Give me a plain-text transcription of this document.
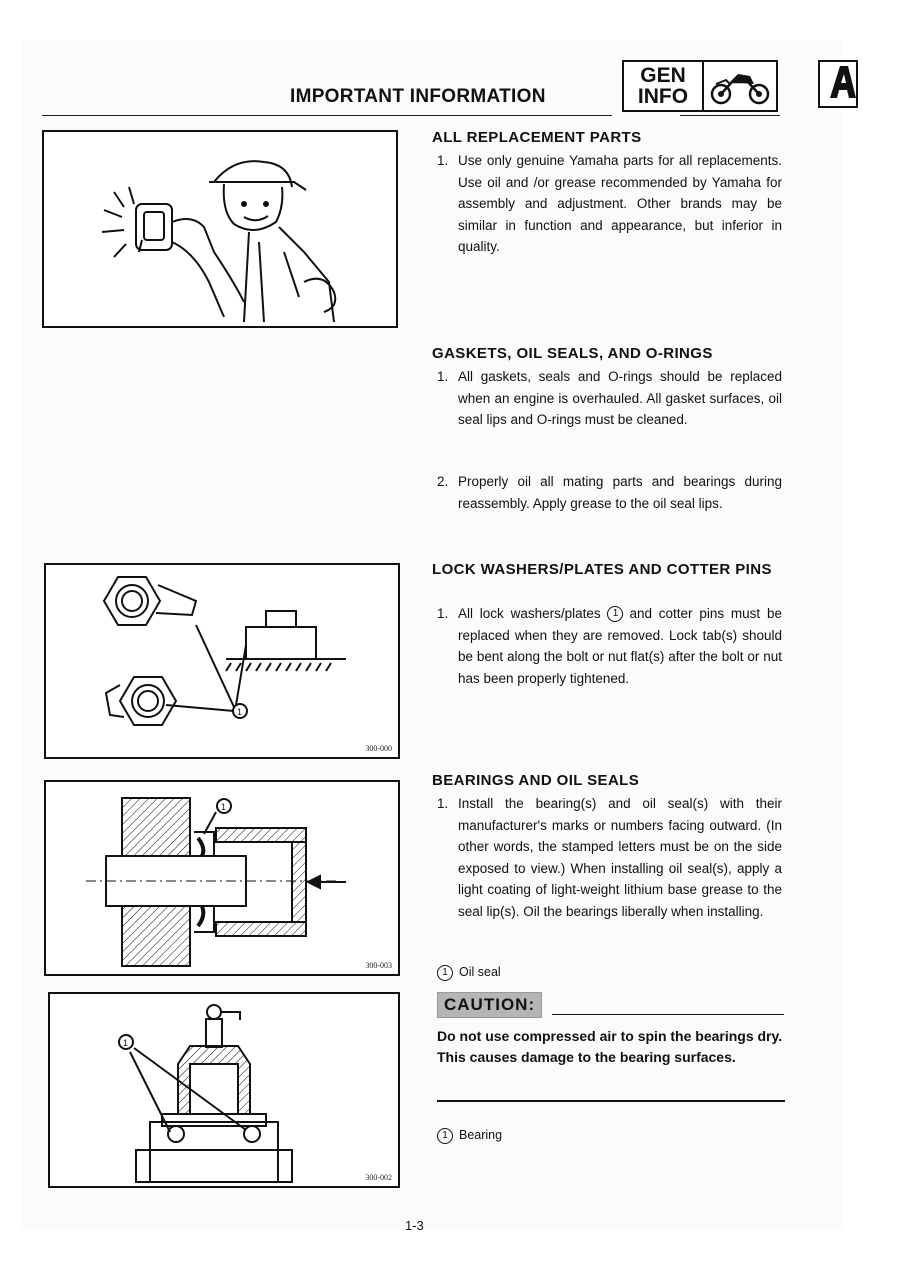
IMPORTANT INFORMATION
GEN
INFO
1
300-000
1
300-003
1
300-002
ALL REPLACEMENT PARTS
1. Use only genuine Yamaha parts for all replacements. Use oil and /or grease recommended by Yamaha for assembly and adjustment. Other brands may be similar in function and appearance, but inferior in quality.
GASKETS, OIL SEALS, AND O-RINGS
1. All gaskets, seals and O-rings should be replaced when an engine is overhauled. All gasket surfaces, oil seal lips and O-rings must be cleaned.
2. Properly oil all mating parts and bearings during reassembly. Apply grease to the oil seal lips.
LOCK WASHERS/PLATES AND COTTER PINS
1. All lock washers/plates 1 and cotter pins must be replaced when they are removed. Lock tab(s) should be bent along the bolt or nut flat(s) after the bolt or nut has been properly tightened.
BEARINGS AND OIL SEALS
1. Install the bearing(s) and oil seal(s) with their manufacturer's marks or numbers facing outward. (In other words, the stamped letters must be on the side exposed to view.) When installing oil seal(s), apply a light coating of light-weight lithium base grease to the seal lip(s). Oil the bearings liberally when installing.
1 Oil seal
CAUTION:
Do not use compressed air to spin the bearings dry. This causes damage to the bearing surfaces.
1 Bearing
1-3
